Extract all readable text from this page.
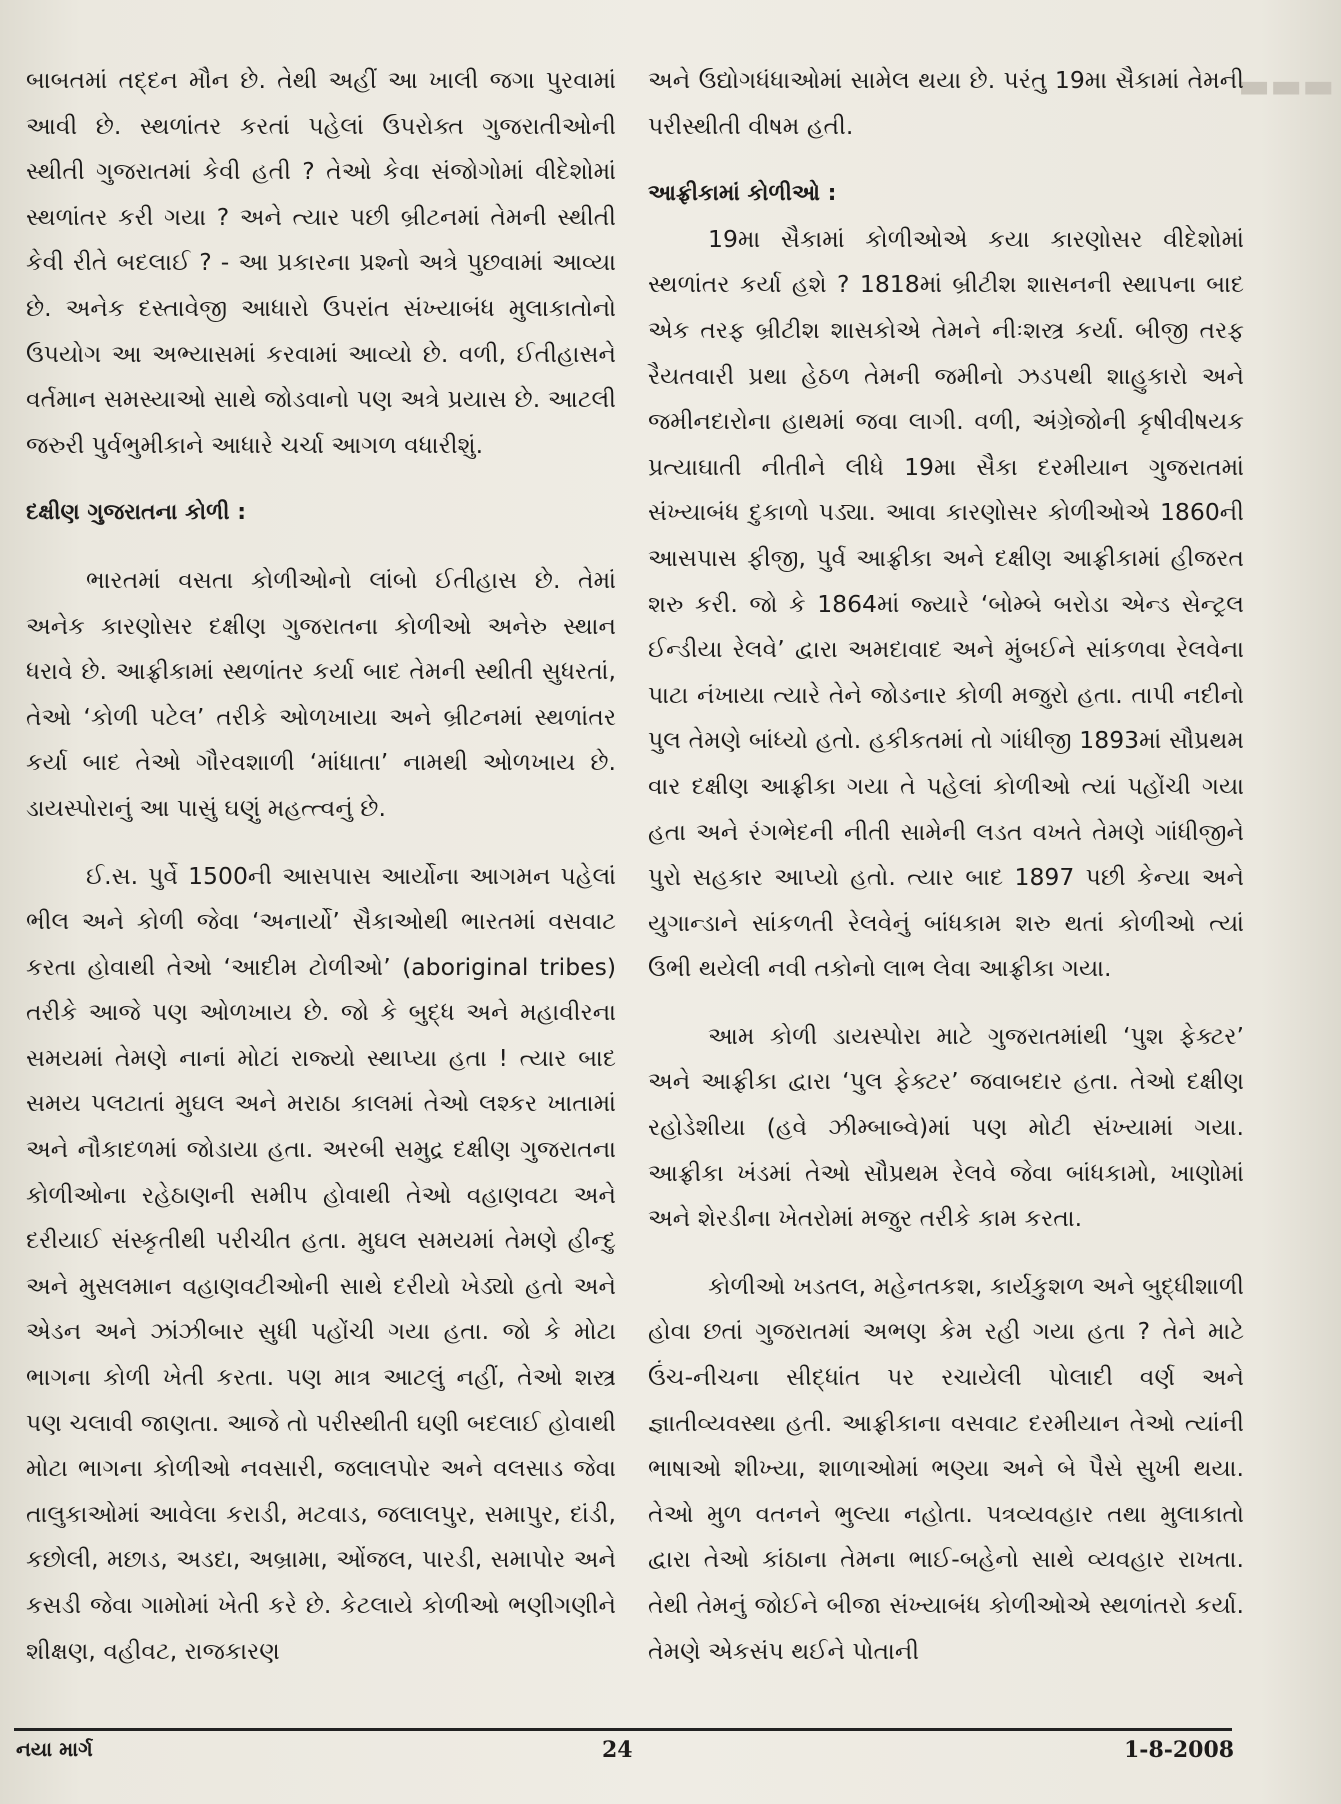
▬▬▬

બાબતમાં તદ્દન મૌન છે. તેથી અહીં આ ખાલી જગા પુરવામાં આવી છે. સ્થળાંતર કરતાં પહેલાં ઉપરોક્ત ગુજરાતીઓની સ્થીતી ગુજરાતમાં કેવી હતી ? તેઓ કેવા સંજોગોમાં વીદેશોમાં સ્થળાંતર કરી ગયા ? અને ત્યાર પછી બ્રીટનમાં તેમની સ્થીતી કેવી રીતે બદલાઈ ? - આ પ્રકારના પ્રશ્નો અત્રે પુછવામાં આવ્યા છે. અનેક દસ્તાવેજી આધારો ઉપરાંત સંખ્યાબંધ મુલાકાતોનો ઉપયોગ આ અભ્યાસમાં કરવામાં આવ્યો છે. વળી, ઈતીહાસને વર્તમાન સમસ્યાઓ સાથે જોડવાનો પણ અત્રે પ્રયાસ છે. આટલી જરુરી પુર્વભુમીકાને આધારે ચર્ચા આગળ વધારીશું.

દક્ષીણ ગુજરાતના કોળી :

ભારતમાં વસતા કોળીઓનો લાંબો ઈતીહાસ છે. તેમાં અનેક કારણોસર દક્ષીણ ગુજરાતના કોળીઓ અનેરુ સ્થાન ધરાવે છે. આફ્રીકામાં સ્થળાંતર કર્યા બાદ તેમની સ્થીતી સુધરતાં, તેઓ ‘કોળી પટેલ’ તરીકે ઓળખાયા અને બ્રીટનમાં સ્થળાંતર કર્યા બાદ તેઓ ગૌરવશાળી ‘માંધાતા’ નામથી ઓળખાય છે. ડાયસ્પોરાનું આ પાસું ઘણું મહત્ત્વનું છે.

ઈ.સ. પુર્વે 1500ની આસપાસ આર્યોના આગમન પહેલાં ભીલ અને કોળી જેવા ‘અનાર્યો’ સૈકાઓથી ભારતમાં વસવાટ કરતા હોવાથી તેઓ ‘આદીમ ટોળીઓ’ (aboriginal tribes) તરીકે આજે પણ ઓળખાય છે. જો કે બુદ્ધ અને મહાવીરના સમયમાં તેમણે નાનાં મોટાં રાજ્યો સ્થાપ્યા હતા ! ત્યાર બાદ સમય પલટાતાં મુઘલ અને મરાઠા કાલમાં તેઓ લશ્કર ખાતામાં અને નૌકાદળમાં જોડાયા હતા. અરબી સમુદ્ર દક્ષીણ ગુજરાતના કોળીઓના રહેઠાણની સમીપ હોવાથી તેઓ વહાણવટા અને દરીયાઈ સંસ્કૃતીથી પરીચીત હતા. મુઘલ સમયમાં તેમણે હીન્દુ અને મુસલમાન વહાણવટીઓની સાથે દરીયો ખેડ્યો હતો અને એડન અને ઝાંઝીબાર સુધી પહોંચી ગયા હતા. જો કે મોટા ભાગના કોળી ખેતી કરતા. પણ માત્ર આટલું નહીં, તેઓ શસ્ત્ર પણ ચલાવી જાણતા. આજે તો પરીસ્થીતી ઘણી બદલાઈ હોવાથી મોટા ભાગના કોળીઓ નવસારી, જલાલપોર અને વલસાડ જેવા તાલુકાઓમાં આવેલા કરાડી, મટવાડ, જલાલપુર, સમાપુર, દાંડી, કછોલી, મછાડ, અડદા, અબ્રામા, ઓંજલ, પારડી, સમાપોર અને કસડી જેવા ગામોમાં ખેતી કરે છે. કેટલાયે કોળીઓ ભણીગણીને શીક્ષણ, વહીવટ, રાજકારણ

અને ઉદ્યોગધંધાઓમાં સામેલ થયા છે. પરંતુ 19મા સૈકામાં તેમની પરીસ્થીતી વીષમ હતી.

આફ્રીકામાં કોળીઓ :

19મા સૈકામાં કોળીઓએ કયા કારણોસર વીદેશોમાં સ્થળાંતર કર્યા હશે ? 1818માં બ્રીટીશ શાસનની સ્થાપના બાદ એક તરફ બ્રીટીશ શાસકોએ તેમને નીઃશસ્ત્ર કર્યા. બીજી તરફ રૈયતવારી પ્રથા હેઠળ તેમની જમીનો ઝડપથી શાહુકારો અને જમીનદારોના હાથમાં જવા લાગી. વળી, અંગ્રેજોની કૃષીવીષયક પ્રત્યાઘાતી નીતીને લીધે 19મા સૈકા દરમીયાન ગુજરાતમાં સંખ્યાબંધ દુકાળો પડ્યા. આવા કારણોસર કોળીઓએ 1860ની આસપાસ ફીજી, પુર્વ આફ્રીકા અને દક્ષીણ આફ્રીકામાં હીજરત શરુ કરી. જો કે 1864માં જ્યારે ‘બોમ્બે બરોડા એન્ડ સેન્ટ્રલ ઈન્ડીયા રેલવે’ દ્વારા અમદાવાદ અને મુંબઈને સાંકળવા રેલવેના પાટા નંખાયા ત્યારે તેને જોડનાર કોળી મજુરો હતા. તાપી નદીનો પુલ તેમણે બાંધ્યો હતો. હકીકતમાં તો ગાંધીજી 1893માં સૌપ્રથમ વાર દક્ષીણ આફ્રીકા ગયા તે પહેલાં કોળીઓ ત્યાં પહોંચી ગયા હતા અને રંગભેદની નીતી સામેની લડત વખતે તેમણે ગાંધીજીને પુરો સહકાર આપ્યો હતો. ત્યાર બાદ 1897 પછી કેન્યા અને યુગાન્ડાને સાંકળતી રેલવેનું બાંધકામ શરુ થતાં કોળીઓ ત્યાં ઉભી થયેલી નવી તકોનો લાભ લેવા આફ્રીકા ગયા.

આમ કોળી ડાયસ્પોરા માટે ગુજરાતમાંથી ‘પુશ ફેક્ટર’ અને આફ્રીકા દ્વારા ‘પુલ ફેક્ટર’ જવાબદાર હતા. તેઓ દક્ષીણ રહોડેશીયા (હવે ઝીમ્બાબ્વે)માં પણ મોટી સંખ્યામાં ગયા. આફ્રીકા ખંડમાં તેઓ સૌપ્રથમ રેલવે જેવા બાંધકામો, ખાણોમાં અને શેરડીના ખેતરોમાં મજુર તરીકે કામ કરતા.

કોળીઓ ખડતલ, મહેનતકશ, કાર્યકુશળ અને બુદ્ધીશાળી હોવા છતાં ગુજરાતમાં અભણ કેમ રહી ગયા હતા ? તેને માટે ઉંચ-નીચના સીદ્ધાંત પર રચાયેલી પોલાદી વર્ણ અને જ્ઞાતીવ્યવસ્થા હતી. આફ્રીકાના વસવાટ દરમીયાન તેઓ ત્યાંની ભાષાઓ શીખ્યા, શાળાઓમાં ભણ્યા અને બે પૈસે સુખી થયા. તેઓ મુળ વતનને ભુલ્યા નહોતા. પત્રવ્યવહાર તથા મુલાકાતો દ્વારા તેઓ કાંઠાના તેમના ભાઈ-બહેનો સાથે વ્યવહાર રાખતા. તેથી તેમનું જોઈને બીજા સંખ્યાબંધ કોળીઓએ સ્થળાંતરો કર્યા. તેમણે એકસંપ થઈને પોતાની

નયા માર્ગ	24	1-8-2008
